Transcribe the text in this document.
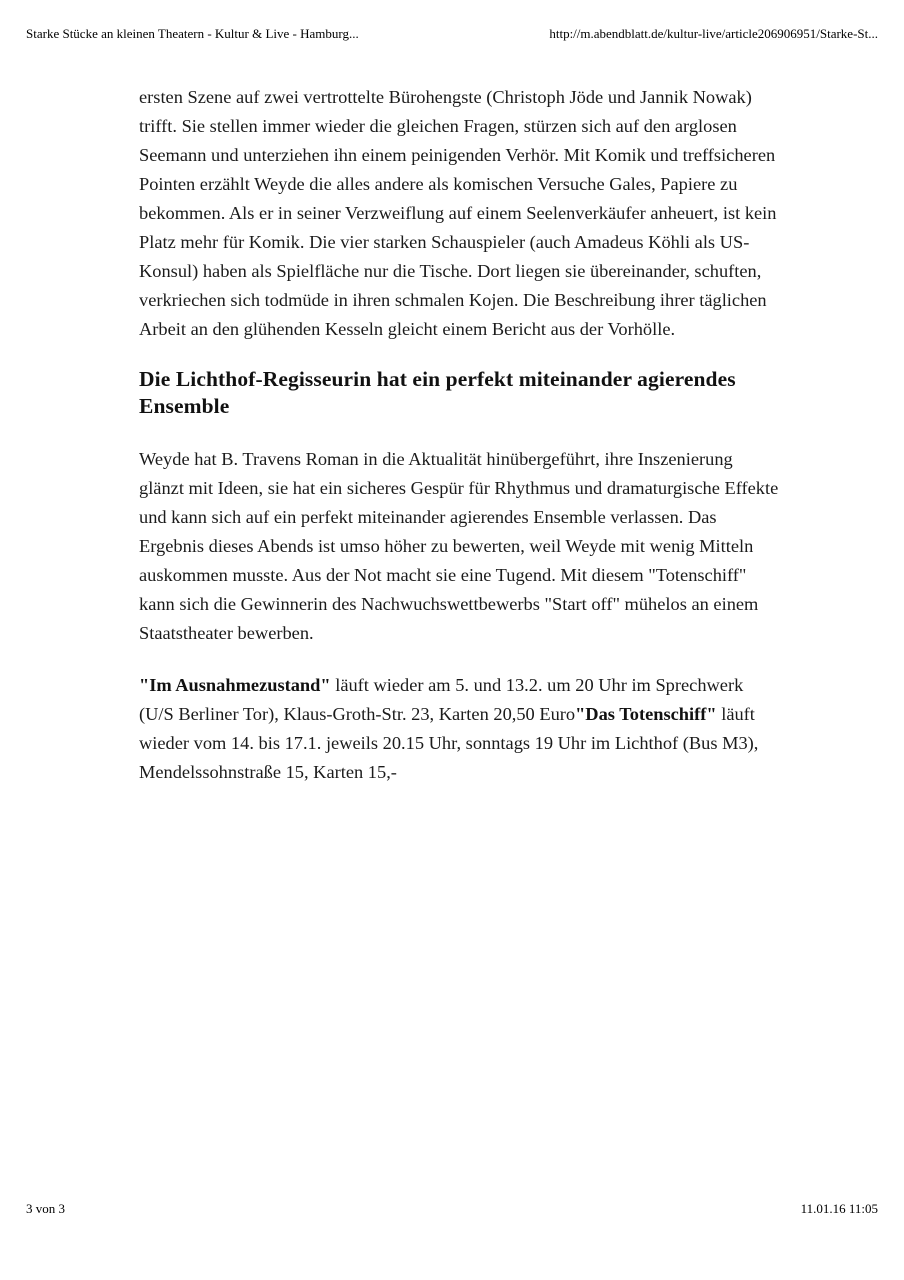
Starke Stücke an kleinen Theatern - Kultur & Live - Hamburg...	http://m.abendblatt.de/kultur-live/article206906951/Starke-St...

ersten Szene auf zwei vertrottelte Bürohengste (Christoph Jöde und Jannik Nowak) trifft. Sie stellen immer wieder die gleichen Fragen, stürzen sich auf den arglosen Seemann und unterziehen ihn einem peinigenden Verhör. Mit Komik und treffsicheren Pointen erzählt Weyde die alles andere als komischen Versuche Gales, Papiere zu bekommen. Als er in seiner Verzweiflung auf einem Seelenverkäufer anheuert, ist kein Platz mehr für Komik. Die vier starken Schauspieler (auch Amadeus Köhli als US-Konsul) haben als Spielfläche nur die Tische. Dort liegen sie übereinander, schuften, verkriechen sich todmüde in ihren schmalen Kojen. Die Beschreibung ihrer täglichen Arbeit an den glühenden Kesseln gleicht einem Bericht aus der Vorhölle.

Die Lichthof-Regisseurin hat ein perfekt miteinander agierendes Ensemble

Weyde hat B. Travens Roman in die Aktualität hinübergeführt, ihre Inszenierung glänzt mit Ideen, sie hat ein sicheres Gespür für Rhythmus und dramaturgische Effekte und kann sich auf ein perfekt miteinander agierendes Ensemble verlassen. Das Ergebnis dieses Abends ist umso höher zu bewerten, weil Weyde mit wenig Mitteln auskommen musste. Aus der Not macht sie eine Tugend. Mit diesem "Totenschiff" kann sich die Gewinnerin des Nachwuchswettbewerbs "Start off" mühelos an einem Staatstheater bewerben.

"Im Ausnahmezustand" läuft wieder am 5. und 13.2. um 20 Uhr im Sprechwerk (U/S Berliner Tor), Klaus-Groth-Str. 23, Karten 20,50 Euro"Das Totenschiff" läuft wieder vom 14. bis 17.1. jeweils 20.15 Uhr, sonntags 19 Uhr im Lichthof (Bus M3), Mendelssohnstraße 15, Karten 15,-

3 von 3	11.01.16 11:05
